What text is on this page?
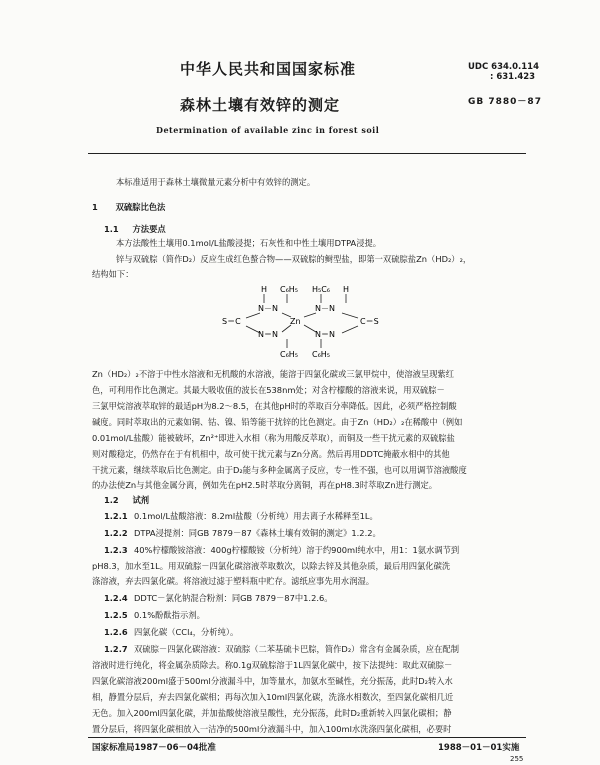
中华人民共和国国家标准	UDC 634.0.114
: 631.423
GB 7880－87
森林土壤有效锌的测定
Determination of available zinc in forest soil
本标准适用于森林土壤微量元素分析中有效锌的测定。
1 双硫腙比色法
1.1 方法要点
本方法酸性土壤用0.1mol/L盐酸浸提；石灰性和中性土壤用DTPA浸提。
锌与双硫腙（简作D₂）反应生成红色螯合物——双硫腙的鲥型盐，即第一双硫腙盐Zn（HD₂）₂，
结构如下：
H C₆H₅ H₅C₆ H
N－N	N－N
S＝C	Zn	C＝S
N＝N	N＝N
C₆H₅ C₆H₅
Zn（HD₂）₂不溶于中性水溶液和无机酸的水溶液，能溶于四氯化碳或三氯甲烷中，使溶液呈现紫红
色，可利用作比色测定。其最大吸收值的波长在538nm处；对含柠檬酸的溶液来说，用双硫腙－
三氯甲烷溶液萃取锌的最适pH为8.2～8.5，在其他pH时的萃取百分率降低。因此，必须严格控制酸
碱度。同时萃取出的元素如铜、钴、镍、铅等能干扰锌的比色测定。由于Zn（HD₂）₂在稀酸中（例如
0.01mol/L盐酸）能被破坏，Zn²⁺即进入水相（称为用酸反萃取），而铜及一些干扰元素的双硫腙盐
则对酸稳定，仍然存在于有机相中，故可使干扰元素与Zn分离。然后再用DDTC掩蔽水相中的其他
干扰元素，继续萃取后比色测定。由于D₂能与多种金属离子反应，专一性不强，也可以用调节溶液酸度
的办法使Zn与其他金属分离，例如先在pH2.5时萃取分离铜，再在pH8.3时萃取Zn进行测定。
1.2 试剂
1.2.1 0.1mol/L盐酸溶液：8.2ml盐酸（分析纯）用去离子水稀释至1L。
1.2.2 DTPA浸提剂：同GB 7879－87《森林土壤有效铜的测定》1.2.2。
1.2.3 40%柠檬酸铵溶液：400g柠檬酸铵（分析纯）溶于约900ml纯水中，用1：1氨水调节到
pH8.3，加水至1L。用双硫腙－四氯化碳溶液萃取数次，以除去锌及其他杂质，最后用四氯化碳洗
涤溶液，弃去四氯化碳。将溶液过滤于塑料瓶中贮存。滤纸应事先用水润湿。
1.2.4 DDTC－氯化钠混合粉剂：同GB 7879－87中1.2.6。
1.2.5 0.1%酚酞指示剂。
1.2.6 四氯化碳（CCl₄，分析纯）。
1.2.7 双硫腙－四氯化碳溶液：双硫腙（二苯基硫卡巴腙，简作D₂）常含有金属杂质，应在配制
溶液时进行纯化，将金属杂质除去。称0.1g双硫腙溶于1L四氯化碳中，按下法提纯：取此双硫腙－
四氯化碳溶液200ml盛于500ml分液漏斗中，加等量水，加氨水至碱性，充分振荡，此时D₂转入水
相，静置分层后，弃去四氯化碳相；再每次加入10ml四氯化碳，洗涤水相数次，至四氯化碳相几近
无色。加入200ml四氯化碳，并加盐酸使溶液呈酸性，充分振荡，此时D₂重新转入四氯化碳相；静
置分层后，将四氯化碳相放入一洁净的500ml分液漏斗中，加入100ml水洗涤四氯化碳相，必要时
国家标准局1987－06－04批准	1988－01－01实施
255
